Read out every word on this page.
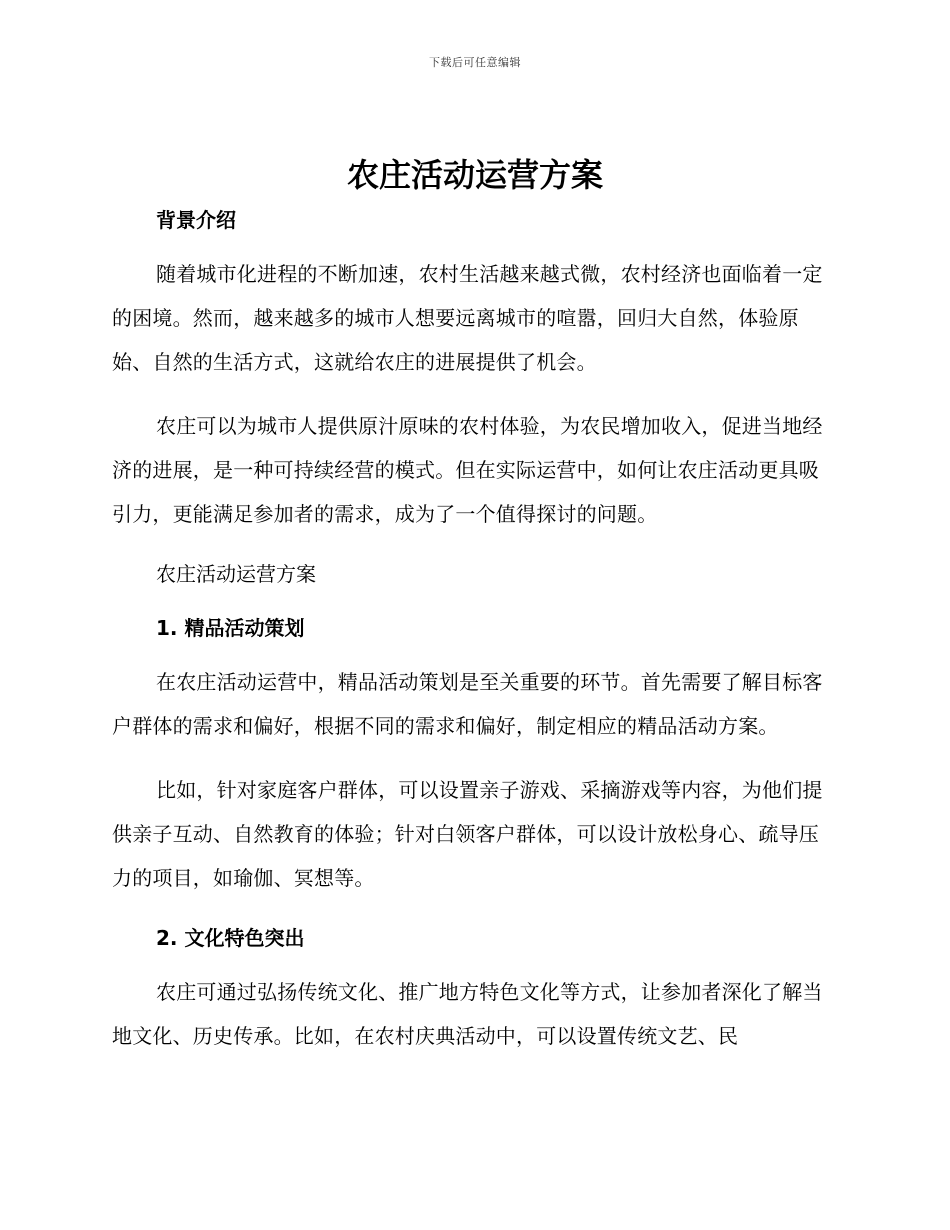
下载后可任意编辑
农庄活动运营方案
背景介绍

随着城市化进程的不断加速，农村生活越来越式微，农村经济也面临着一定的困境。然而，越来越多的城市人想要远离城市的喧嚣，回归大自然，体验原始、自然的生活方式，这就给农庄的进展提供了机会。

农庄可以为城市人提供原汁原味的农村体验，为农民增加收入，促进当地经济的进展，是一种可持续经营的模式。但在实际运营中，如何让农庄活动更具吸引力，更能满足参加者的需求，成为了一个值得探讨的问题。

农庄活动运营方案
1. 精品活动策划

在农庄活动运营中，精品活动策划是至关重要的环节。首先需要了解目标客户群体的需求和偏好，根据不同的需求和偏好，制定相应的精品活动方案。

比如，针对家庭客户群体，可以设置亲子游戏、采摘游戏等内容，为他们提供亲子互动、自然教育的体验；针对白领客户群体，可以设计放松身心、疏导压力的项目，如瑜伽、冥想等。

2. 文化特色突出

农庄可通过弘扬传统文化、推广地方特色文化等方式，让参加者深化了解当地文化、历史传承。比如，在农村庆典活动中，可以设置传统文艺、民
